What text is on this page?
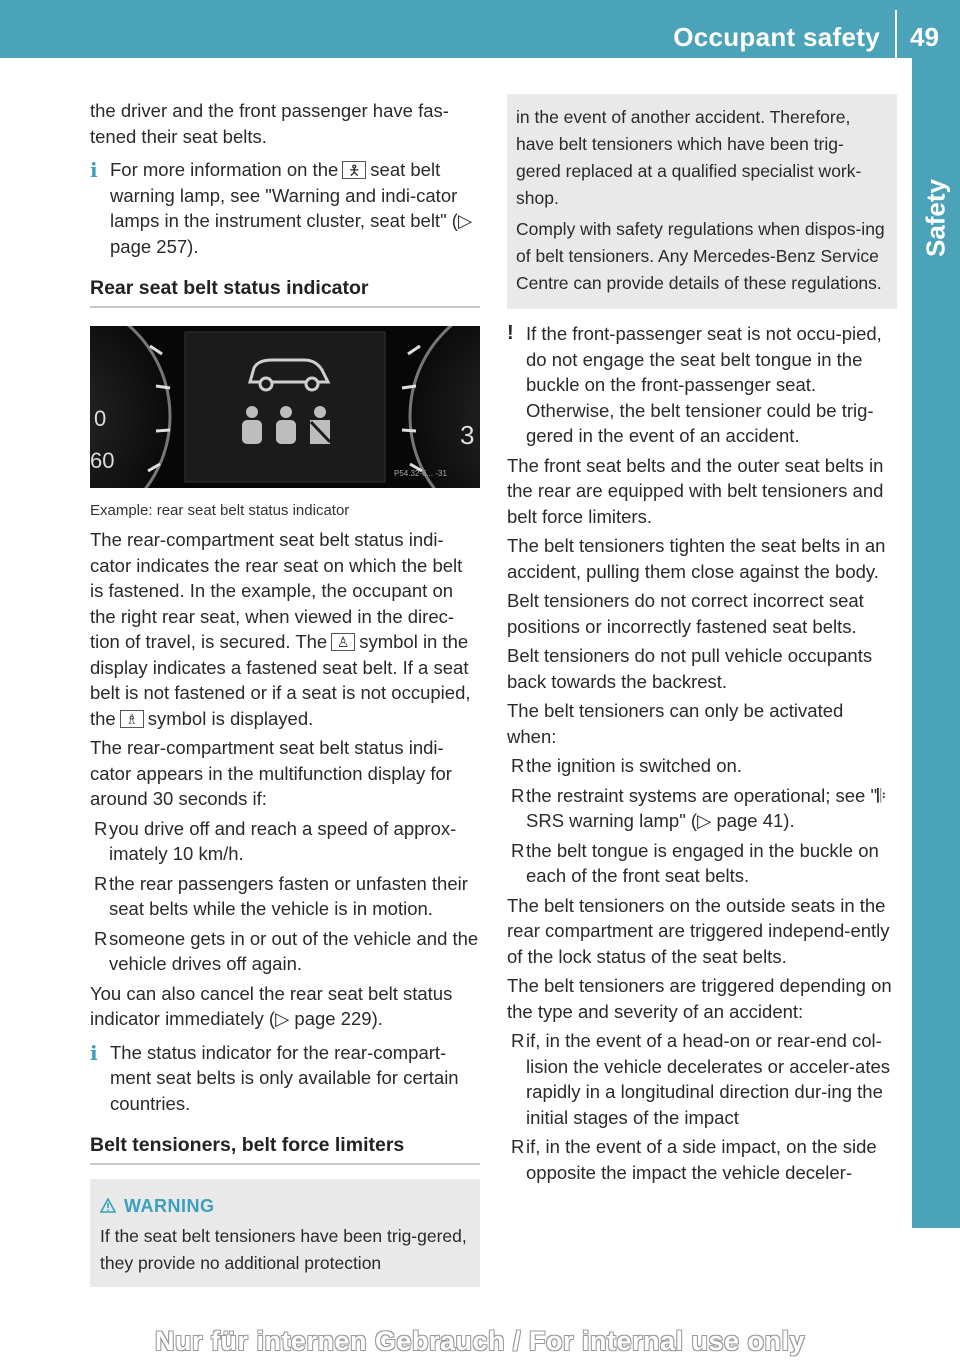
Occupant safety 49
Safety

the driver and the front passenger have fas-tened their seat belts.

i For more information on the 🯅 seat belt warning lamp, see "Warning and indi-cator lamps in the instrument cluster, seat belt" (▷ page 257).
Rear seat belt status indicator
0
60
3
P54.32-6... -31
Example: rear seat belt status indicator

The rear-compartment seat belt status indi-cator indicates the rear seat on which the belt is fastened. In the example, the occupant on the right rear seat, when viewed in the direc-tion of travel, is secured. The ♙ symbol in the display indicates a fastened seat belt. If a seat belt is not fastened or if a seat is not occupied, the ♗ symbol is displayed.

The rear-compartment seat belt status indi-cator appears in the multifunction display for around 30 seconds if:

R you drive off and reach a speed of approx-imately 10 km/h.
R the rear passengers fasten or unfasten their seat belts while the vehicle is in motion.
R someone gets in or out of the vehicle and the vehicle drives off again.

You can also cancel the rear seat belt status indicator immediately (▷ page 229).

i The status indicator for the rear-compart-ment seat belts is only available for certain countries.
Belt tensioners, belt force limiters
WARNING
If the seat belt tensioners have been trig-gered, they provide no additional protection

in the event of another accident. Therefore, have belt tensioners which have been trig-gered replaced at a qualified specialist work-shop.

Comply with safety regulations when dispos-ing of belt tensioners. Any Mercedes-Benz Service Centre can provide details of these regulations.

! If the front-passenger seat is not occu-pied, do not engage the seat belt tongue in the buckle on the front-passenger seat. Otherwise, the belt tensioner could be trig-gered in the event of an accident.

The front seat belts and the outer seat belts in the rear are equipped with belt tensioners and belt force limiters.

The belt tensioners tighten the seat belts in an accident, pulling them close against the body.

Belt tensioners do not correct incorrect seat positions or incorrectly fastened seat belts.

Belt tensioners do not pull vehicle occupants back towards the backrest.

The belt tensioners can only be activated when:

R the ignition is switched on.
R the restraint systems are operational; see "𝄆 SRS warning lamp" (▷ page 41).
R the belt tongue is engaged in the buckle on each of the front seat belts.

The belt tensioners on the outside seats in the rear compartment are triggered independ-ently of the lock status of the seat belts.

The belt tensioners are triggered depending on the type and severity of an accident:

R if, in the event of a head-on or rear-end col-lision the vehicle decelerates or acceler-ates rapidly in a longitudinal direction dur-ing the initial stages of the impact
R if, in the event of a side impact, on the side opposite the impact the vehicle deceler-
Nur für internen Gebrauch / For internal use only
